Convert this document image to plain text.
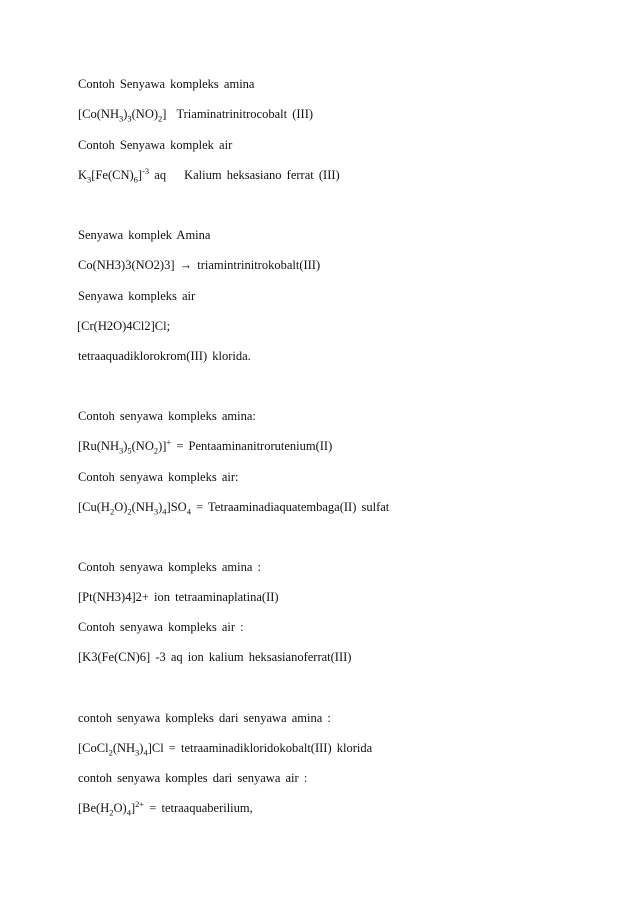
Contoh Senyawa kompleks amina
$[Co(NH_3)_3(NO)_2]$ Triaminatrinitrocobalt (III)
Contoh Senyawa komplek air
$K_3[Fe(CN)_6]^{-3}$ aq Kalium heksasiano ferrat (III)
Senyawa komplek Amina
Co(NH3)3(NO2)3] → triamintrinitrokobalt(III)
Senyawa kompleks air
[Cr(H2O)4Cl2]Cl;
tetraaquadiklorokrom(III) klorida.
Contoh senyawa kompleks amina:
$[Ru(NH_3)_5(NO_2)]^+$ = Pentaaminanitrorutenium(II)
Contoh senyawa kompleks air:
$[Cu(H_2O)_2(NH_3)_4]SO_4$ = Tetraaminadiaquatembaga(II) sulfat
Contoh senyawa kompleks amina :
[Pt(NH3)4]2+ ion tetraaminaplatina(II)
Contoh senyawa kompleks air :
[K3(Fe(CN)6] -3 aq ion kalium heksasianoferrat(III)
contoh senyawa kompleks dari senyawa amina :
$[CoCl_2(NH_3)_4]Cl$ = tetraaminadikloridokobalt(III) klorida
contoh senyawa komples dari senyawa air :
$[Be(H_2O)_4]^{2+}$ = tetraaquaberilium,
